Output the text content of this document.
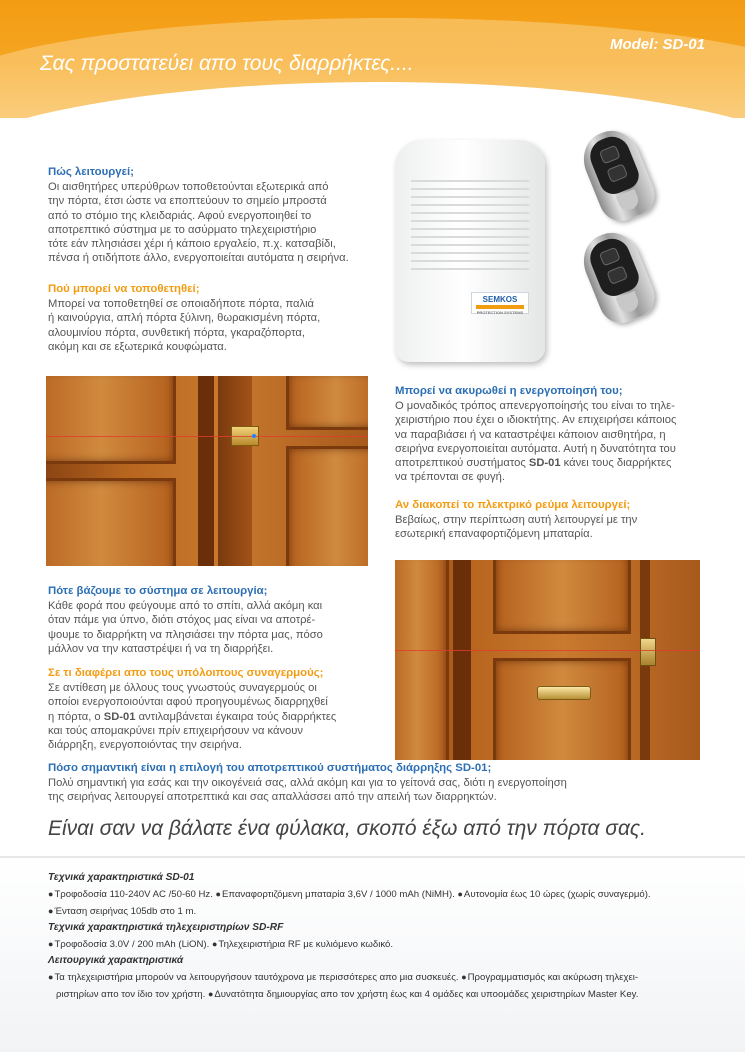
Model: SD-01
Σας προστατεύει απο τους διαρρήκτες....
Πώς λειτουργεί;
Οι αισθητήρες υπερύθρων τοποθετούνται εξωτερικά από
την πόρτα, έτσι ώστε να εποπτεύουν το σημείο μπροστά
από το στόμιο της κλειδαριάς. Αφού ενεργοποιηθεί το
αποτρεπτικό σύστημα με το ασύρματο τηλεχειριστήριο
τότε εάν πλησιάσει χέρι ή κάποιο εργαλείο, π.χ. κατσαβίδι,
πένσα ή οτιδήποτε άλλο, ενεργοποιείται αυτόματα η σειρήνα.
Πού μπορεί να τοποθετηθεί;
Μπορεί να τοποθετηθεί σε οποιαδήποτε πόρτα, παλιά
ή καινούργια, απλή πόρτα ξύλινη, θωρακισμένη πόρτα,
αλουμινίου πόρτα, συνθετική πόρτα, γκαραζόπορτα,
ακόμη και σε εξωτερικά κουφώματα.
SEMKOS
PROTECTION SYSTEMS
Μπορεί να ακυρωθεί η ενεργοποίησή του;
Ο μοναδικός τρόπος απενεργοποίησής του είναι το τηλε-
χειριστήριο που έχει ο ιδιοκτήτης. Αν επιχειρήσει κάποιος
να παραβιάσει ή να καταστρέψει κάποιον αισθητήρα, η
σειρήνα ενεργοποιείται αυτόματα. Αυτή η δυνατότητα του
αποτρεπτικού συστήματος SD-01 κάνει τους διαρρήκτες
να τρέπονται σε φυγή.
Αν διακοπεί το πλεκτρικό ρεύμα λειτουργεί;
Βεβαίως, στην περίπτωση αυτή λειτουργεί με την
εσωτερική επαναφορτιζόμενη μπαταρία.
Πότε βάζουμε το σύστημα σε λειτουργία;
Κάθε φορά που φεύγουμε από το σπίτι, αλλά ακόμη και
όταν πάμε για ύπνο, διότι στόχος μας είναι να αποτρέ-
ψουμε το διαρρήκτη να πλησιάσει την πόρτα μας, πόσο
μάλλον να την καταστρέψει ή να τη διαρρήξει.
Σε τι διαφέρει απο τους υπόλοιπους συναγερμούς;
Σε αντίθεση με όλλους τους γνωστούς συναγερμούς οι
οποίοι ενεργοποιούνται αφού προηγουμένως διαρρηχθεί
η πόρτα, ο SD-01 αντιλαμβάνεται έγκαιρα τούς διαρρήκτες
και τούς απομακρύνει πρίν επιχειρήσουν να κάνουν
διάρρηξη, ενεργοποιόντας την σειρήνα.
Πόσο σημαντική είναι η επιλογή του αποτρεπτικού συστήματος διάρρηξης SD-01;
Πολύ σημαντική για εσάς και την οικογένειά σας, αλλά ακόμη και για το γείτονά σας, διότι η ενεργοποίηση
της σειρήνας λειτουργεί αποτρεπτικά και σας απαλλάσσει από την απειλή των διαρρηκτών.
Είναι σαν να βάλατε ένα φύλακα, σκοπό έξω από την πόρτα σας.
Τεχνικά χαρακτηριστικά SD-01
●Τροφοδοσία 110-240V AC /50-60 Hz. ●Επαναφορτιζόμενη μπαταρία 3,6V / 1000 mAh (NiMH). ●Αυτονομία έως 10 ώρες (χωρίς συναγερμό).
●Ένταση σειρήνας 105db στο 1 m.
Τεχνικά χαρακτηριστικά τηλεχειριστηρίων SD-RF
●Τροφοδοσία 3.0V / 200 mAh (LiON). ●Τηλεχειριστήρια RF με κυλιόμενο κωδικό.
Λειτουργικά χαρακτηριστικά
●Τα τηλεχειριστήρια μπορούν να λειτουργήσουν ταυτόχρονα με περισσότερες απο μια συσκευές. ●Προγραμματισμός και ακύρωση τηλεχει-
ριστηρίων απο τον ίδιο τον χρήστη. ●Δυνατότητα δημιουργίας απο τον χρήστη έως και 4 ομάδες και υποομάδες χειριστηρίων Master Key.
